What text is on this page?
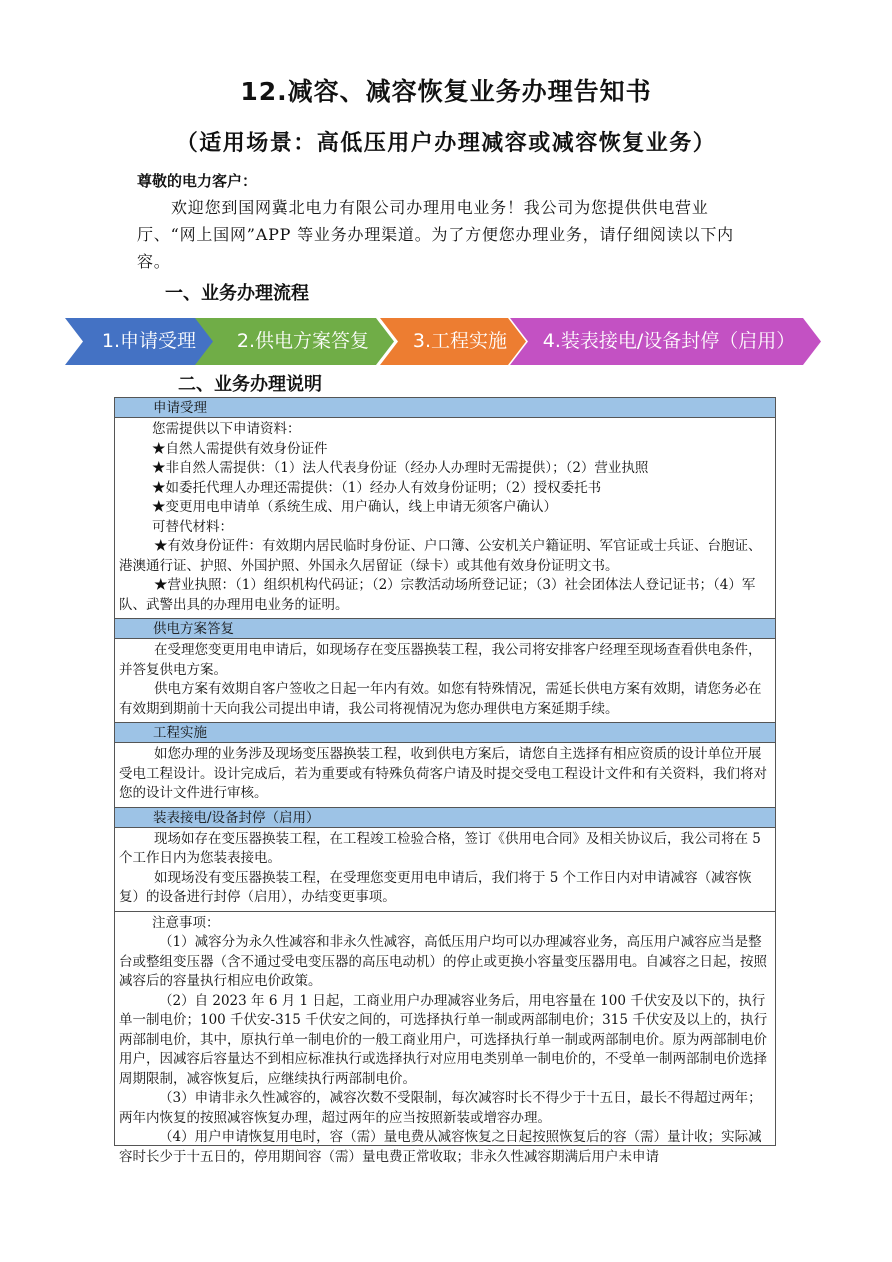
12.减容、减容恢复业务办理告知书
（适用场景：高低压用户办理减容或减容恢复业务）
尊敬的电力客户：
欢迎您到国网冀北电力有限公司办理用电业务！我公司为您提供供电营业厅、“网上国网”APP 等业务办理渠道。为了方便您办理业务，请仔细阅读以下内容。
一、业务办理流程
1.申请受理	2.供电方案答复	3.工程实施	4.装表接电/设备封停（启用）
二、业务办理说明
申请受理

您需提供以下申请资料：

★自然人需提供有效身份证件

★非自然人需提供：（1）法人代表身份证（经办人办理时无需提供）；（2）营业执照

★如委托代理人办理还需提供：（1）经办人有效身份证明；（2）授权委托书

★变更用电申请单（系统生成、用户确认，线上申请无须客户确认）

可替代材料：

★有效身份证件：有效期内居民临时身份证、户口簿、公安机关户籍证明、军官证或士兵证、台胞证、港澳通行证、护照、外国护照、外国永久居留证（绿卡）或其他有效身份证明文书。

★营业执照：（1）组织机构代码证；（2）宗教活动场所登记证；（3）社会团体法人登记证书；（4）军队、武警出具的办理用电业务的证明。

供电方案答复

在受理您变更用电申请后，如现场存在变压器换装工程，我公司将安排客户经理至现场查看供电条件，并答复供电方案。

供电方案有效期自客户签收之日起一年内有效。如您有特殊情况，需延长供电方案有效期，请您务必在有效期到期前十天向我公司提出申请，我公司将视情况为您办理供电方案延期手续。

工程实施

如您办理的业务涉及现场变压器换装工程，收到供电方案后，请您自主选择有相应资质的设计单位开展受电工程设计。设计完成后，若为重要或有特殊负荷客户请及时提交受电工程设计文件和有关资料，我们将对您的设计文件进行审核。

装表接电/设备封停（启用）

现场如存在变压器换装工程，在工程竣工检验合格，签订《供用电合同》及相关协议后，我公司将在 5 个工作日内为您装表接电。

如现场没有变压器换装工程，在受理您变更用电申请后，我们将于 5 个工作日内对申请减容（减容恢复）的设备进行封停（启用），办结变更事项。

注意事项：

（1）减容分为永久性减容和非永久性减容，高低压用户均可以办理减容业务，高压用户减容应当是整台或整组变压器（含不通过受电变压器的高压电动机）的停止或更换小容量变压器用电。自减容之日起，按照减容后的容量执行相应电价政策。

（2）自 2023 年 6 月 1 日起，工商业用户办理减容业务后，用电容量在 100 千伏安及以下的，执行单一制电价；100 千伏安-315 千伏安之间的，可选择执行单一制或两部制电价；315 千伏安及以上的，执行两部制电价，其中，原执行单一制电价的一般工商业用户，可选择执行单一制或两部制电价。原为两部制电价用户，因减容后容量达不到相应标准执行或选择执行对应用电类别单一制电价的，不受单一制两部制电价选择周期限制，减容恢复后，应继续执行两部制电价。

（3）申请非永久性减容的，减容次数不受限制，每次减容时长不得少于十五日，最长不得超过两年；两年内恢复的按照减容恢复办理，超过两年的应当按照新装或增容办理。

（4）用户申请恢复用电时，容（需）量电费从减容恢复之日起按照恢复后的容（需）量计收；实际减容时长少于十五日的，停用期间容（需）量电费正常收取；非永久性减容期满后用户未申请
